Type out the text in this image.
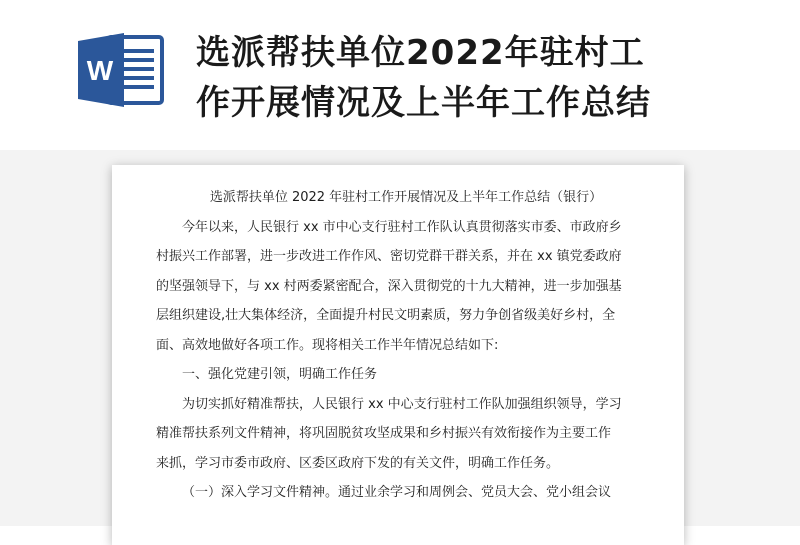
W 选派帮扶单位2022年驻村工
作开展情况及上半年工作总结
选派帮扶单位 2022 年驻村工作开展情况及上半年工作总结（银行）
今年以来，人民银行 xx 市中心支行驻村工作队认真贯彻落实市委、市政府乡
村振兴工作部署，进一步改进工作作风、密切党群干群关系，并在 xx 镇党委政府
的坚强领导下，与 xx 村两委紧密配合，深入贯彻党的十九大精神，进一步加强基
层组织建设,壮大集体经济，全面提升村民文明素质，努力争创省级美好乡村，全
面、高效地做好各项工作。现将相关工作半年情况总结如下:
一、强化党建引领，明确工作任务
为切实抓好精准帮扶，人民银行 xx 中心支行驻村工作队加强组织领导，学习
精准帮扶系列文件精神，将巩固脱贫攻坚成果和乡村振兴有效衔接作为主要工作
来抓，学习市委市政府、区委区政府下发的有关文件，明确工作任务。
（一）深入学习文件精神。通过业余学习和周例会、党员大会、党小组会议
